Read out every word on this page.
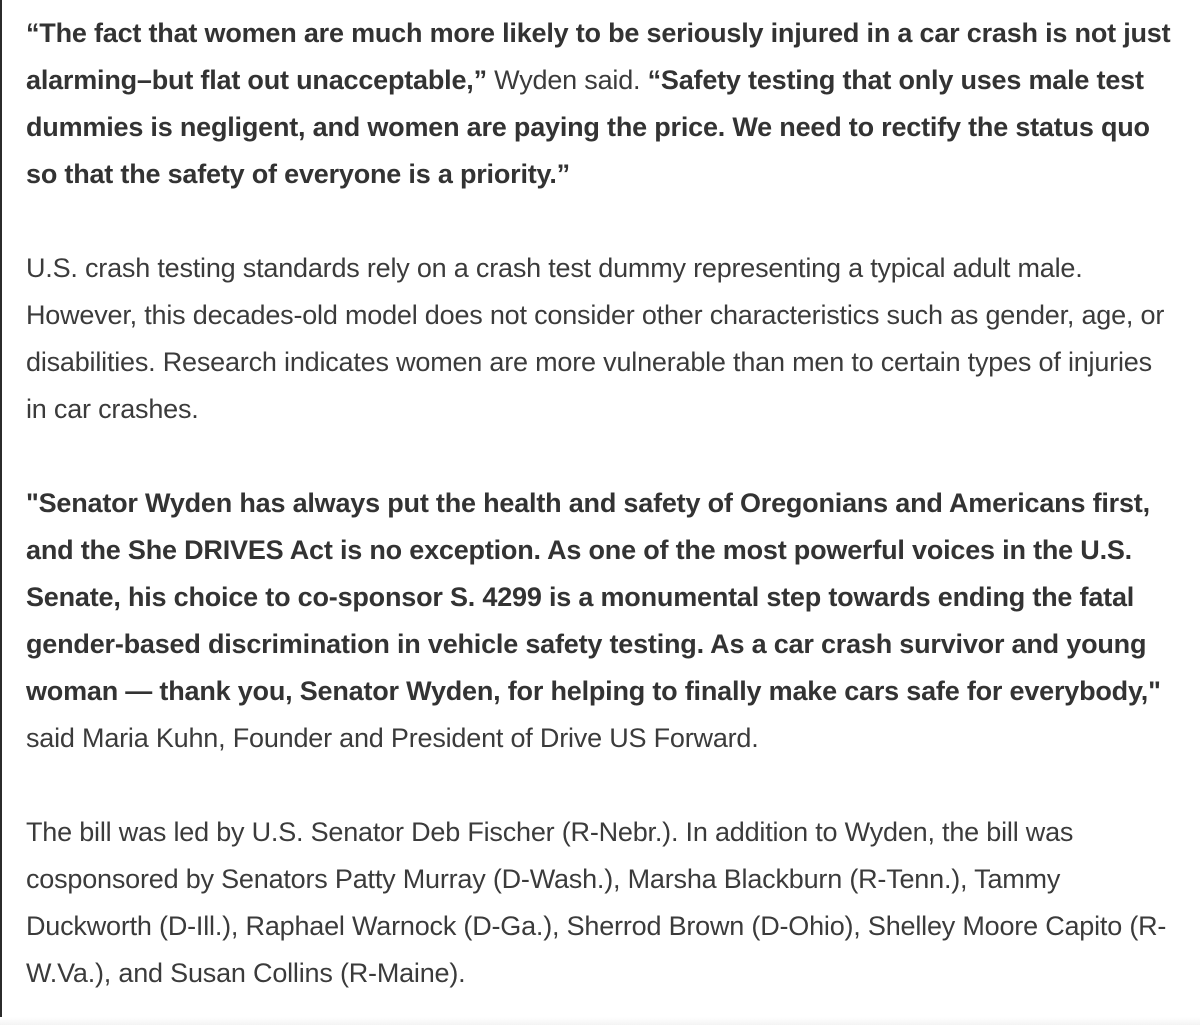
“The fact that women are much more likely to be seriously injured in a car crash is not just alarming–but flat out unacceptable,” Wyden said. “Safety testing that only uses male test dummies is negligent, and women are paying the price. We need to rectify the status quo so that the safety of everyone is a priority.”

U.S. crash testing standards rely on a crash test dummy representing a typical adult male. However, this decades-old model does not consider other characteristics such as gender, age, or disabilities. Research indicates women are more vulnerable than men to certain types of injuries in car crashes.

"Senator Wyden has always put the health and safety of Oregonians and Americans first, and the She DRIVES Act is no exception. As one of the most powerful voices in the U.S. Senate, his choice to co-sponsor S. 4299 is a monumental step towards ending the fatal gender-based discrimination in vehicle safety testing. As a car crash survivor and young woman — thank you, Senator Wyden, for helping to finally make cars safe for everybody," said Maria Kuhn, Founder and President of Drive US Forward.

The bill was led by U.S. Senator Deb Fischer (R-Nebr.). In addition to Wyden, the bill was cosponsored by Senators Patty Murray (D-Wash.), Marsha Blackburn (R-Tenn.), Tammy Duckworth (D-Ill.), Raphael Warnock (D-Ga.), Sherrod Brown (D-Ohio), Shelley Moore Capito (R-W.Va.), and Susan Collins (R-Maine).
